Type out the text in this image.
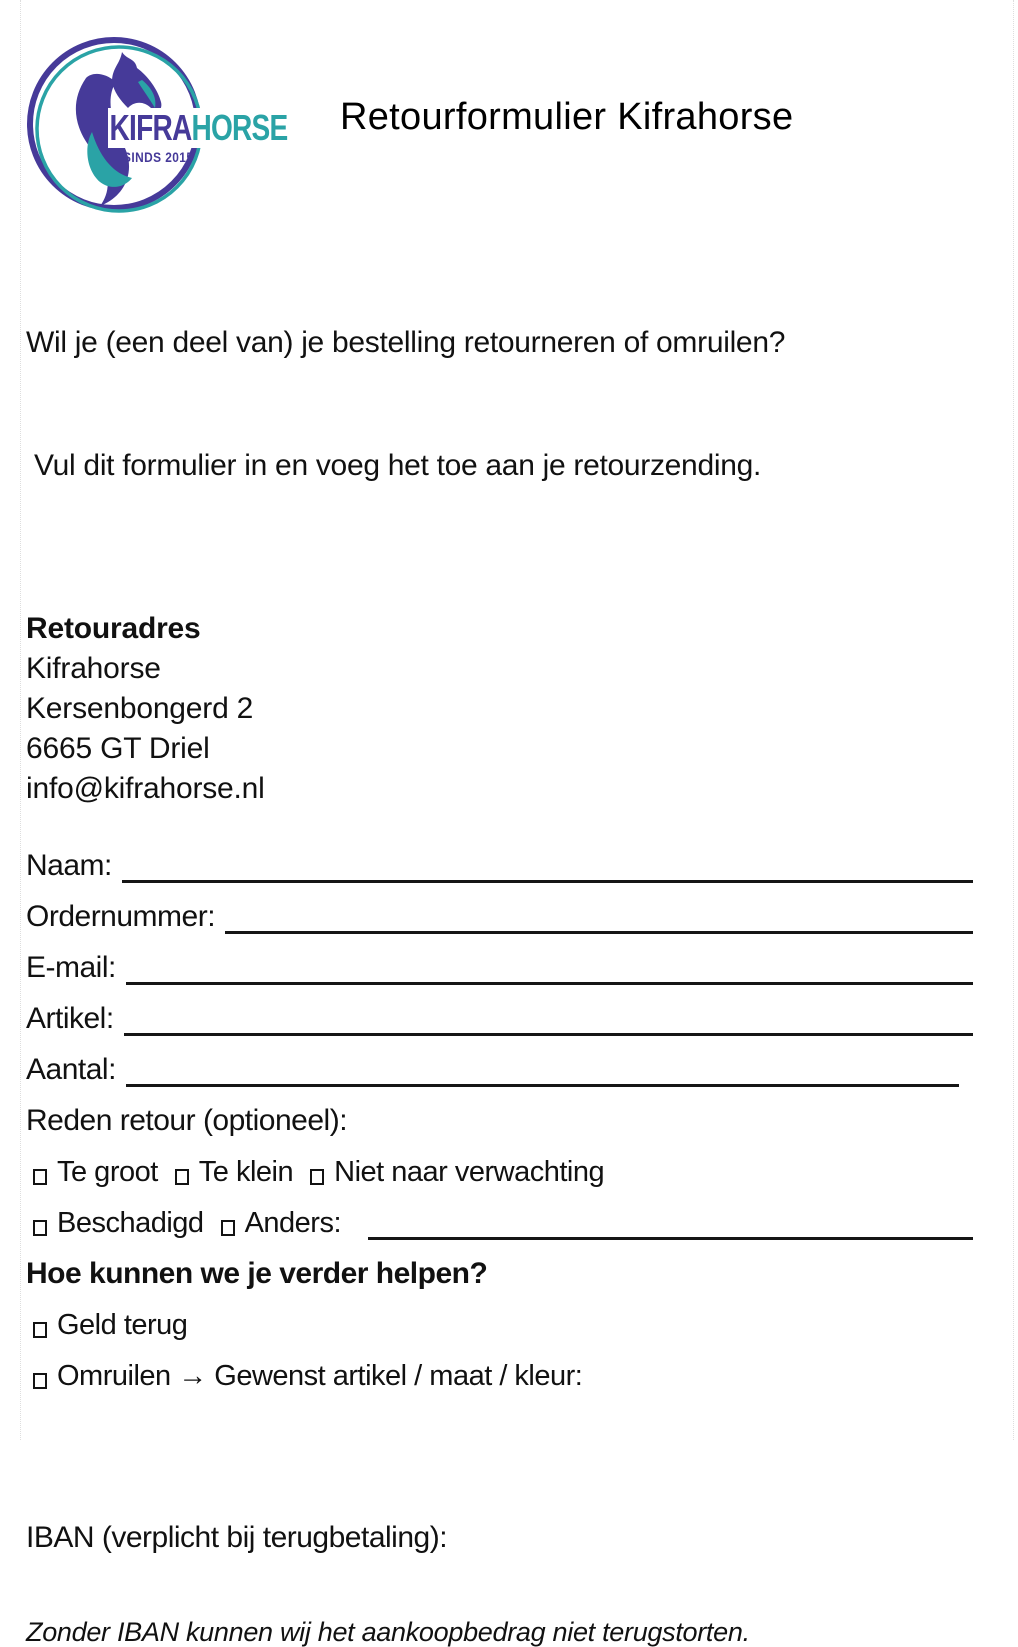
KIFRAHORSE
SINDS 2015
Retourformulier Kifrahorse

Wil je (een deel van) je bestelling retourneren of omruilen?

Vul dit formulier in en voeg het toe aan je retourzending.

Retouradres
Kifrahorse
Kersenbongerd 2
6665 GT Driel
info@kifrahorse.nl
Naam:
Ordernummer:
E-mail:
Artikel:
Aantal:
Reden retour (optioneel):
Te groot Te klein Niet naar verwachting
Beschadigd Anders:
Hoe kunnen we je verder helpen?
Geld terug
Omruilen → Gewenst artikel / maat / kleur:
IBAN (verplicht bij terugbetaling):
Zonder IBAN kunnen wij het aankoopbedrag niet terugstorten.
